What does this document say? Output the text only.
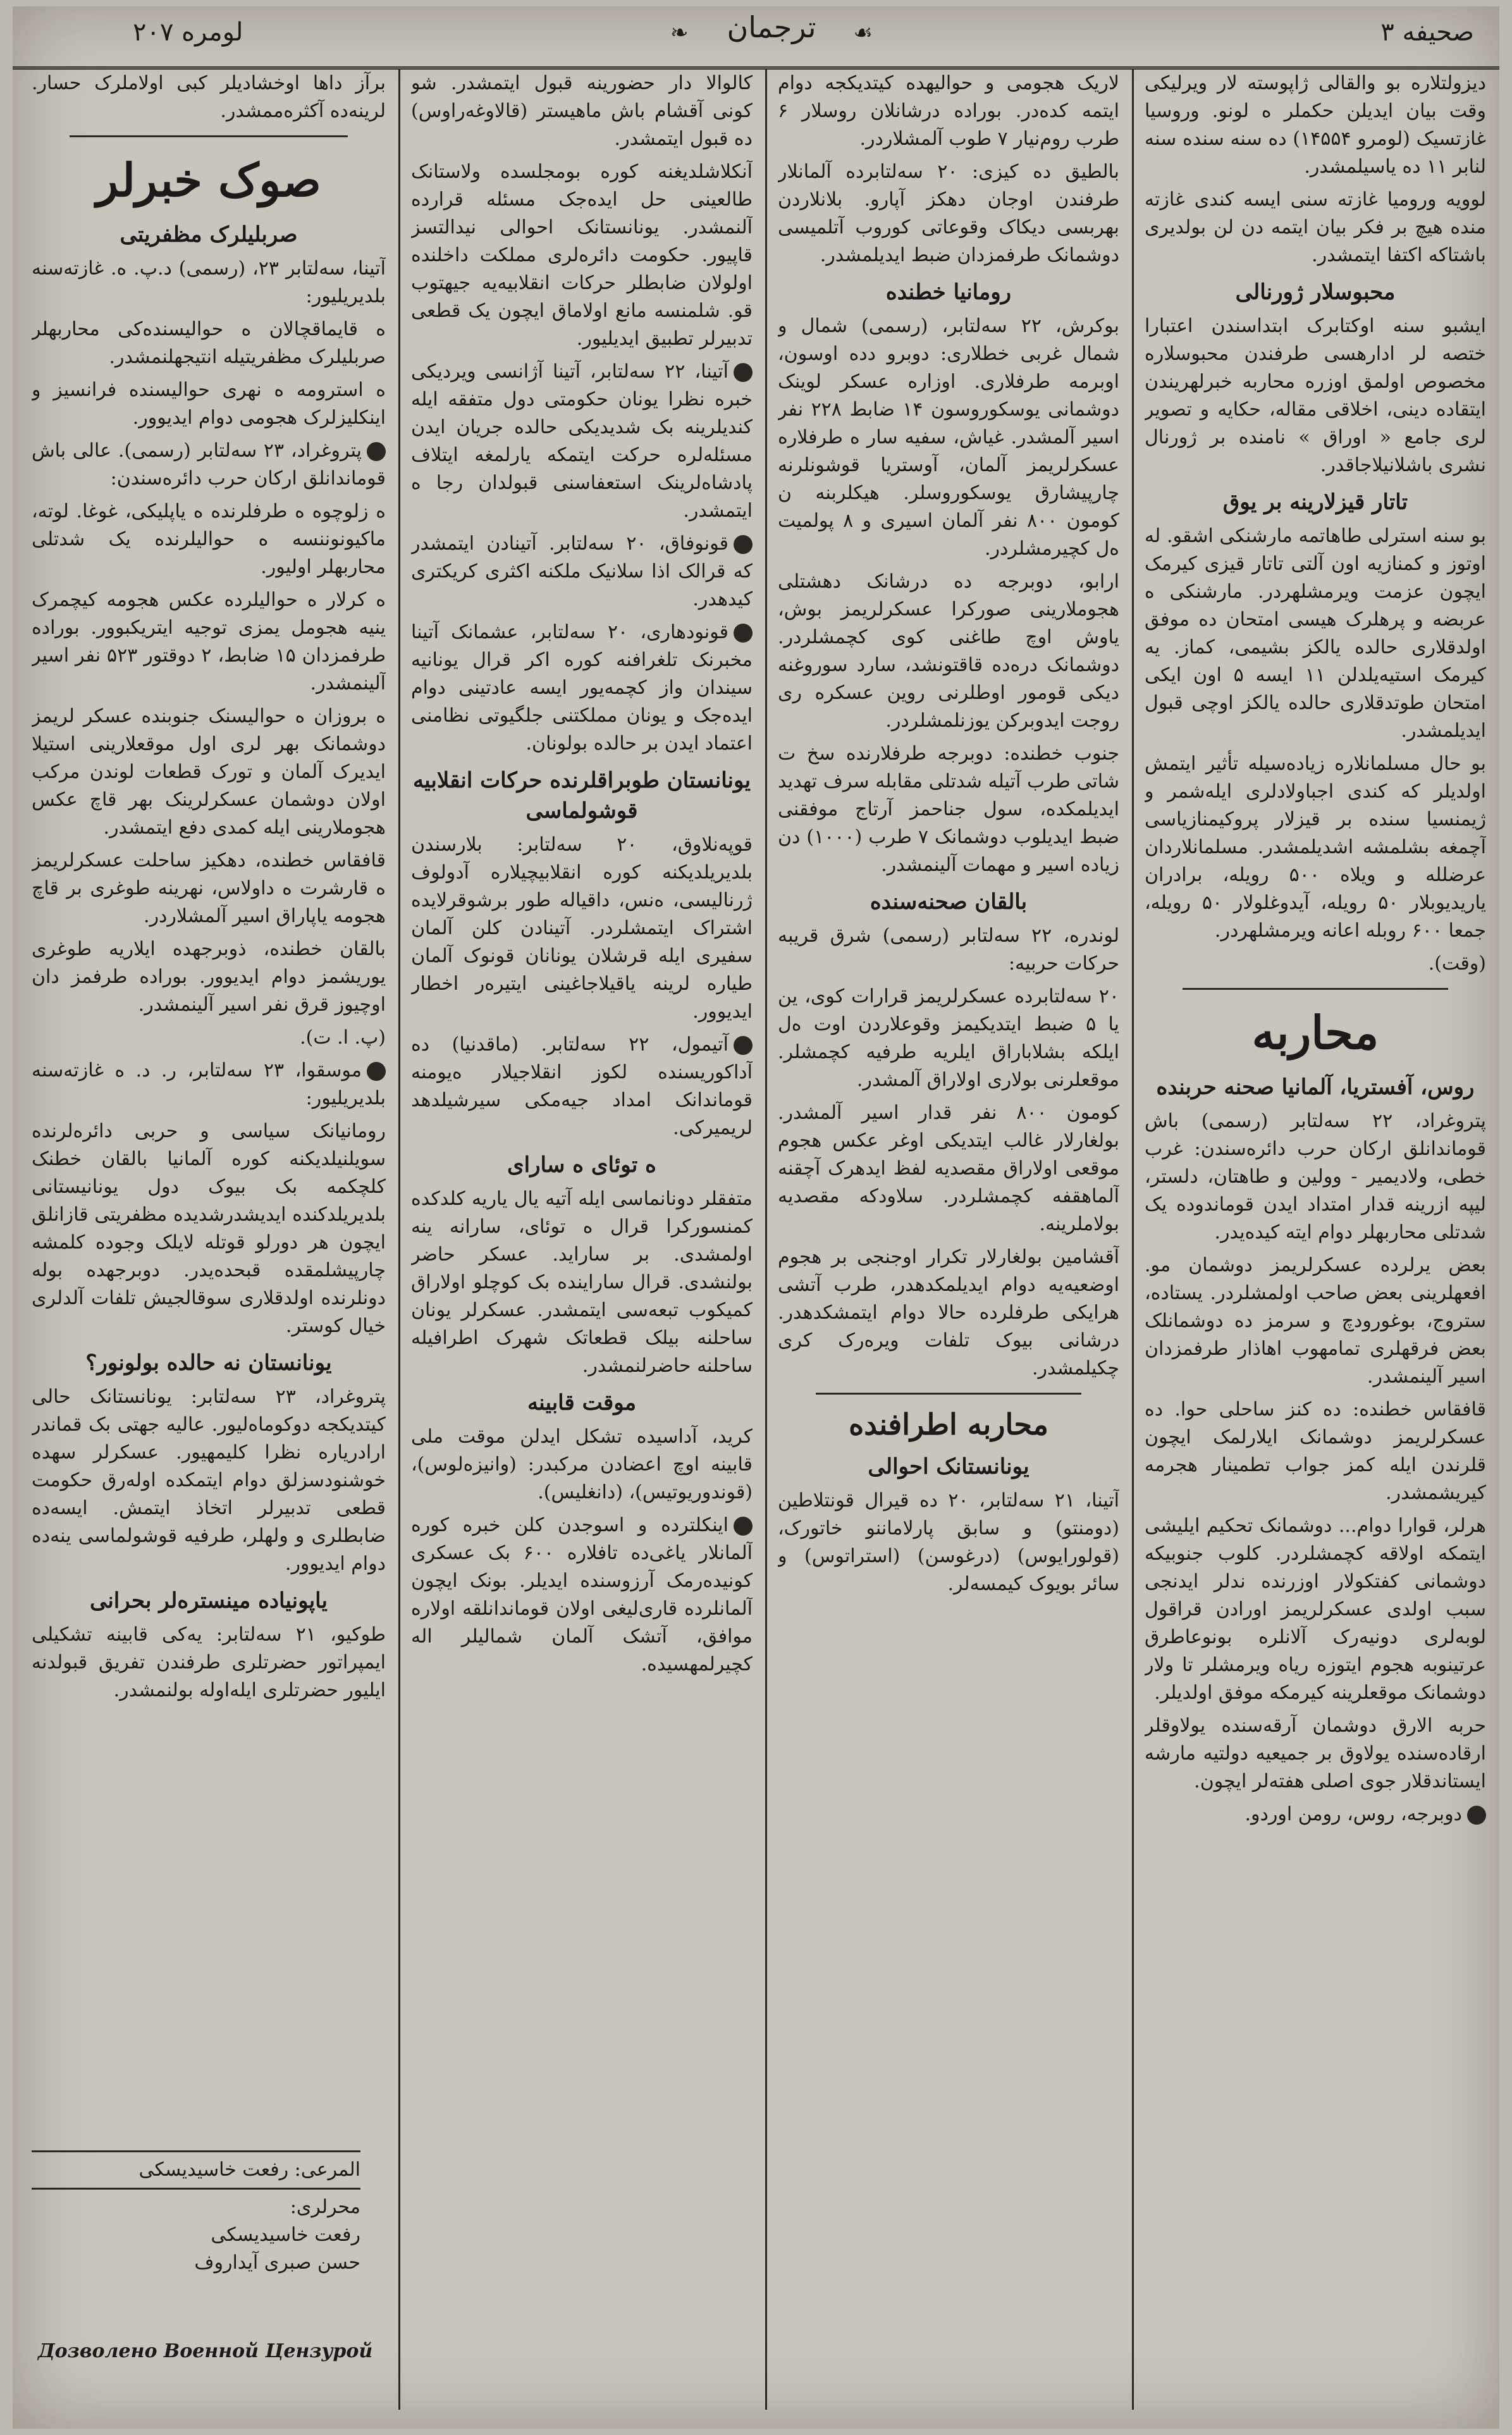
لومره ۲۰۷	❧ ترجمان ☙	صحیفه ۳

دیزولتلاره بو والقالی ژاپوسته لار ویرلیکی وقت بیان ایدیلن حکملر ه لونو. وروسیا غازتسیک (لومرو ۱۴۵۵۴) ده سنه سنده سنه لنابر ۱۱ ده یاسیلمشدر.

لوویه ورومیا غازته سنی ایسه کندی غازته منده هیچ بر فکر بیان ایتمه دن لن بولدیری باشتاکه اکتفا ایتمشدر.

محبوسلار ژورنالی

ایشبو سنه اوکتابرک ابتداسندن اعتبارا ختصه لر ادارهسی طرفندن محبوسلاره مخصوص اولمق اوزره محاربه خبرلهریندن ایتقاده دینی، اخلاقی مقاله، حکایه و تصویر لری جامع « اوراق » نامنده بر ژورنال نشری باشلانیلاجاقدر.

تاتار قیزلارینه بر یوق

بو سنه استرلی طاهاتمه مارشنکی اشقو. له اوتوز و کمنازیه اون آلتی تاتار قیزی کیرمک ایچون عزمت ویرمشلهردر. مارشنکی ه عربضه و پرهلرک هیسی امتحان ده موفق اولدقلاری حالده یالکز بشیمی، کماز. یه کیرمک استیه‌یلدلن ۱۱ ایسه ۵ اون ایکی امتحان طوتدقلاری حالده یالکز اوچی قبول ایدیلمشدر.

بو حال مسلمانلاره زیاده‌سیله تأثیر ایتمش اولدیلر که کندی اجباولادلری ایله‌شمر و ژیمنسیا سنده بر قیزلار پروکیمنازیاسی آچمغه بشلمشه اشدیلمشدر. مسلمانلاردان عرضلله و ویلاه ۵۰۰ رویله، برادران یاریدیوبلار ۵۰ رویله، آیدوغلولار ۵۰ رویله، جمعا ۶۰۰ روبله اعانه ویرمشلهردر.

(وقت).

محاربه
روس، آفستریا، آلمانیا صحنه حربنده

پتروغراد، ۲۲ سه‌لتابر (رسمی) باش قوماندانلق ارکان حرب دائره‌سندن: غرب خطی، ولادیمیر - وولین و طاهتان، دلستر، لیپه ازرینه قدار امتداد ایدن قوماندوده یک شدتلی محاربهلر دوام ایته کیده‌یدر.

بعض یرلرده عسکرلریمز دوشمان مو. افعهلرینی بعض صاحب اولمشلردر. یستاده، ستروج، بوغورودچ و سرمز ده دوشمانلک بعض فرقهلری تمامهوب اهاذار طرفمزدان اسیر آلینمشدر.

قافقاس خطنده: ده کنز ساحلی حوا. ده عسکرلریمز دوشمانک ایلارلمک ایچون قلرندن ایله کمز جواب تطمینار هجرمه کیریشمشدر.

هرلر، قوارا دوام... دوشمانک تحکیم ایلیشی ایتمکه اولاقه کچمشلردر. کلوب جنوبیکه دوشمانی کفتکولار اوزرنده ندلر ایدنجی سبب اولدی عسکرلریمز اورادن قراقول لوبه‌لری دونیه‌رک آلانلره بونوعاطرق عرتینوبه هجوم ایتوزه ریاه ویرمشلر تا ولار دوشمانک موقعلرینه کیرمکه موفق اولدیلر.

حربه الارق دوشمان آرقه‌سنده یولاوقلر ارقاده‌سنده یولاوق بر جمیعیه دولتیه مارشه ایستاندقلار جوی اصلی هفته‌لر ایچون.

دوبرجه، روس، رومن اوردو.

لاریک هجومی و حوالیهده کیتدیکجه دوام ایتمه کده‌در. بوراده درشانلان روسلار ۶ طرب روم‌نیار ۷ طوب آلمشلاردر.

بالطیق ده کیزی: ۲۰ سه‌لتابرده آلمانلار طرفندن اوجان دهکز آپارو. بلانلاردن بهربسی دیکاک وقوعاتی کوروب آتلمیسی دوشمانک طرفمزدان ضبط ایدیلمشدر.

رومانیا خطنده

بوکرش، ۲۲ سه‌لتابر، (رسمی) شمال و شمال غربی خطلاری: دوبرو دده اوسون، اوبرمه طرفلاری. اوزاره عسکر لوینک دوشمانی یوسکوروسون ۱۴ ضابط ۲۲۸ نفر اسیر آلمشدر. غیاش، سفیه سار ه طرفلاره عسکرلریمز آلمان، آوستریا قوشونلرنه چارپیشارق یوسکوروسلر. هیکلربنه ن کومون ۸۰۰ نفر آلمان اسیری و ۸ پولمیت ه‌ل کچیرمشلردر.

ارابو، دوبرجه ده درشانک دهشتلی هجوملارینی صورکرا عسکرلریمز بوش، یاوش اوچ طاغنی کوی کچمشلردر. دوشمانک دره‌ده قاقتونشد، سارد سوروغنه دیکی قومور اوطلرنی روین عسکره ری روجت ایدوبرکن یوزنلمشلردر.

جنوب خطنده: دوبرجه طرفلارنده سخ ت شاتی طرب آتیله شدتلی مقابله سرف تهدید ایدیلمکده، سول جناحمز آرتاج موفقنی ضبط ایدیلوب دوشمانک ۷ طرب (۱۰۰۰) دن زیاده اسیر و مهمات آلینمشدر.

بالقان صحنه‌سنده

لوندره، ۲۲ سه‌لتابر (رسمی) شرق قریبه حرکات حربیه:

۲۰ سه‌لتابرده عسکرلریمز قرارات کوی، ین یا ۵ ضبط ایتدیکیمز وقوعلاردن اوت ه‌ل ایلکه بشلاباراق ایلریه طرفیه کچمشلر. موقعلرنی بولاری اولاراق آلمشدر.

کومون ۸۰۰ نفر قدار اسیر آلمشدر. بولغارلار غالب ایتدیکی اوغر عکس هجوم موقعی اولاراق مقصدیه لفظ ایدهرک آچقنه آلماهقفه کچمشلردر. سلاودکه مقصدیه بولاملرینه.

آقشامین بولغارلار تکرار اوجنجی بر هجوم اوضعیه‌یه دوام ایدیلمکدهدر، طرب آتشی هرایکی طرفلرده حالا دوام ایتمشکدهدر. درشانی بیوک تلفات ویره‌رک کری چکیلمشدر.

محاربه اطرافنده
یونانستانک احوالی

آتینا، ۲۱ سه‌لتابر، ۲۰ ده قیرال قونتلاطین (دومنتو) و سابق پارلاماننو خاتورک، (قولورایوس) (درغوسن) (استراتوس) و سائر بویوک کیمسه‌لر.

کالوالا دار حضورینه قبول ایتمشدر. شو کونی آقشام باش ماهیستر (قالاوغه‌راوس) ده قبول ایتمشدر.

آنکلاشلدیغنه کوره بومجلسده ولاستانک طالعینی حل ایده‌جک مسئله قرارده آلنمشدر. یونانستانک احوالی نیدالتسز قاپیور. حکومت دائره‌لری مملکت داخلنده اولولان ضابطلر حرکات انقلابیه‌یه جیهتوب قو. شلمنسه مانع اولاماق ایچون یک قطعی تدبیرلر تطبیق ایدیلیور.

آتینا، ۲۲ سه‌لتابر، آتینا آژانسی ویردیکی خبره نظرا یونان حکومتی دول متفقه ایله کندیلرینه بک شدیدیکی حالده جریان ایدن مسئله‌لره حرکت ایتمکه یارلمغه ایتلاف پادشاه‌لرینک استعفاسنی قبولدان رجا ه ایتمشدر.

قونوفاق، ۲۰ سه‌لتابر. آتینادن ایتمشدر که قرالک اذا سلانیک ملکنه اکثری کریکتری کیدهدر.

قونودهاری، ۲۰ سه‌لتابر، عشمانک آتینا مخبرنک تلغرافنه کوره اکر قرال یونانیه سیندان واز کچمه‌یور ایسه عادتینی دوام ایده‌جک و یونان مملکتنی جلگیوتی نظامنی اعتماد ایدن بر حالده بولونان.

یونانستان طوبراقلرنده حرکات انقلابیه قوشولماسی

قوپه‌نلاوق، ۲۰ سه‌لتابر: بلارسندن بلدیریلدیکنه کوره انقلابیچیلاره آدولوف ژرنالیسی، ه‌نس، داقیاله طور برشوقرلایده اشتراک ایتمشلردر. آتینادن کلن آلمان سفیری ایله قرشلان یونانان قونوک آلمان طیاره لرینه یاقیلاجاغینی ایتیره‌ر اخطار ایدیوور.

آتیمول، ۲۲ سه‌لتابر. (ماقدنیا) ده آداکوریسنده لکوز انقلاجیلار ه‌یومنه قوماندانک امداد جیه‌مکی سیرشیلدهد لریمیرکی.

ه توئای ه سارای

متفقلر دونانماسی ایله آتیه یال یاریه کلدکده کمنسورکرا قرال ه توئای، سارانه ینه اولمشدی. بر ساراید. عسکر حاضر بولنشدی. قرال ساراینده بک کوچلو اولاراق کمیکوب تبعه‌سی ایتمشدر. عسکرلر یونان ساحلنه بیلک قطعاتک شهرک اطرافیله ساحلنه حاضرلنمشدر.

موقت قابینه

کرید، آداسیده تشکل ایدلن موقت ملی قابینه اوچ اعضادن مرکبدر: (وانیزه‌لوس)، (قوندوریوتیس)، (دانغلیس).

اینکلترده و اسوجدن کلن خبره کوره آلمانلار یاغی‌ده تافلاره ۶۰۰ بک عسکری کونیده‌رمک آرزوسنده ایدیلر. بونک ایچون آلمانلرده قاری‌لیغی اولان قوماندانلقه اولاره موافق، آتشک آلمان شمالیلر اله کچیرلمهسیده.

برآز داها اوخشادیلر کبی اولاملرک حسار. لرینه‌ده آکثره‌ممشدر.

صوک خبرلر
صربلیلرک مظفریتی

آتینا، سه‌لتابر ۲۳، (رسمی) د.پ. ه. غازته‌سنه بلدیریلیور:

ه قایماقچالان ه حوالیسنده‌کی محاربهلر صربلیلرک مظفریتیله انتیجهلنمشدر.

ه استرومه ه نهری حوالیسنده فرانسیز و اینکلیزلرک هجومی دوام ایدیوور.

پتروغراد، ۲۳ سه‌لتابر (رسمی). عالی باش قوماندانلق ارکان حرب دائره‌سندن:

ه زلوچوه ه طرفلرنده ه یاپلیکی، غوغا. لوته، ماکیونوننسه ه حوالیلرنده یک شدتلی محاربهلر اولیور.

ه کرلار ه حوالیلرده عکس هجومه کیچمرک ینیه هجومل یمزی توجیه ایتریکبوور. بوراده طرفمزدان ۱۵ ضابط، ۲ دوقتور ۵۲۳ نفر اسیر آلینمشدر.

ه بروزان ه حوالیسنک جنوبنده عسکر لریمز دوشمانک بهر لری اول موقعلارینی استیلا ایدیرک آلمان و تورک قطعات لوندن مرکب اولان دوشمان عسکرلرینک بهر قاچ عکس هجوملارینی ایله کمدی دفع ایتمشدر.

قافقاس خطنده، دهکیز ساحلت عسکرلریمز ه قارشرت ه داولاس، نهرینه طوغری بر قاچ هجومه یاپاراق اسیر آلمشلاردر.

بالقان خطنده، ذوبرجهده ایلاریه طوغری یوریشمز دوام ایدیوور. بوراده طرفمز دان اوچیوز قرق نفر اسیر آلینمشدر.

(پ. ا. ت).

موسقوا، ۲۳ سه‌لتابر، ر. د. ه غازته‌سنه بلدیریلیور:

رومانیانک سیاسی و حربی دائره‌لرنده سویلنیلدیکنه کوره آلمانیا بالقان خطنک کلچکمه بک بیوک دول یونانیستانی بلدیریلدکنده ایدیشدرشدیده مظفریتی قازانلق ایچون هر دورلو قوتله لایلک وجوده کلمشه چارپیشلمقده قبحده‌یدر. دوبرجهده بوله دونلرنده اولدقلاری سوقالجیش تلفات آلدلری خیال کوستر.

یونانستان نه حالده بولونور؟

پتروغراد، ۲۳ سه‌لتابر: یونانستانک حالی کیتدیکجه دوکوماه‌لیور. عالیه جهتی بک قماندر ارادریاره نظرا کلیمهیور. عسکرلر سهده خوشنودسزلق دوام ایتمکده اوله‌رق حکومت قطعی تدبیرلر اتخاذ ایتمش. ایسه‌ده ضابطلری و ولهلر، طرفیه قوشولماسی ینه‌ده دوام ایدیوور.

یاپونیاده مینستره‌لر بحرانی

طوکیو، ۲۱ سه‌لتابر: یه‌کی قابینه تشکیلی ایمپراتور حضرتلری طرفندن تفریق قبولدنه ایلیور حضرتلری ایله‌اوله بولنمشدر.

المرعی: رفعت خاسیدیسکی
محرلری:
رفعت خاسیدیسکی
حسن صبری آیداروف
Дозволено Военной Цензурой
